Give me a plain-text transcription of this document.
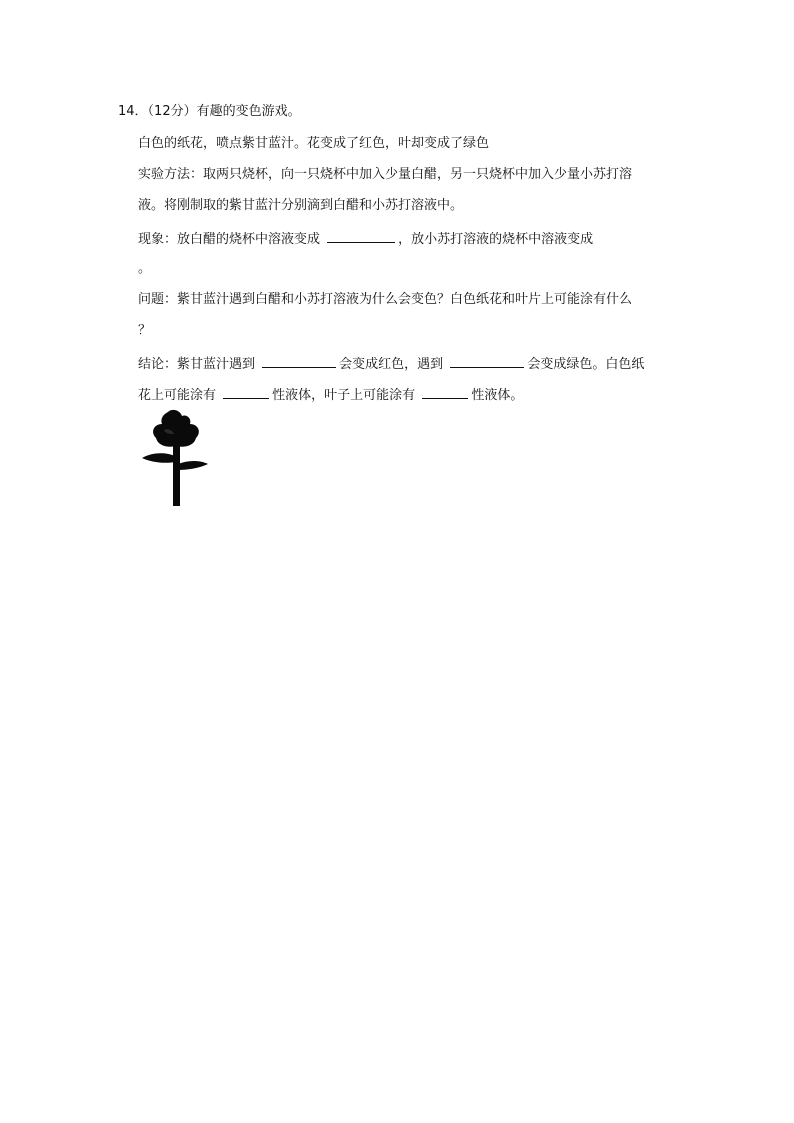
14．（12分）有趣的变色游戏。
白色的纸花，喷点紫甘蓝汁。花变成了红色，叶却变成了绿色
实验方法：取两只烧杯，向一只烧杯中加入少量白醋，另一只烧杯中加入少量小苏打溶
液。将刚制取的紫甘蓝汁分别滴到白醋和小苏打溶液中。
现象：放白醋的烧杯中溶液变成	，放小苏打溶液的烧杯中溶液变成
。
问题：紫甘蓝汁遇到白醋和小苏打溶液为什么会变色？白色纸花和叶片上可能涂有什么
？
结论：紫甘蓝汁遇到	会变成红色，遇到	会变成绿色。白色纸
花上可能涂有	性液体，叶子上可能涂有	性液体。
